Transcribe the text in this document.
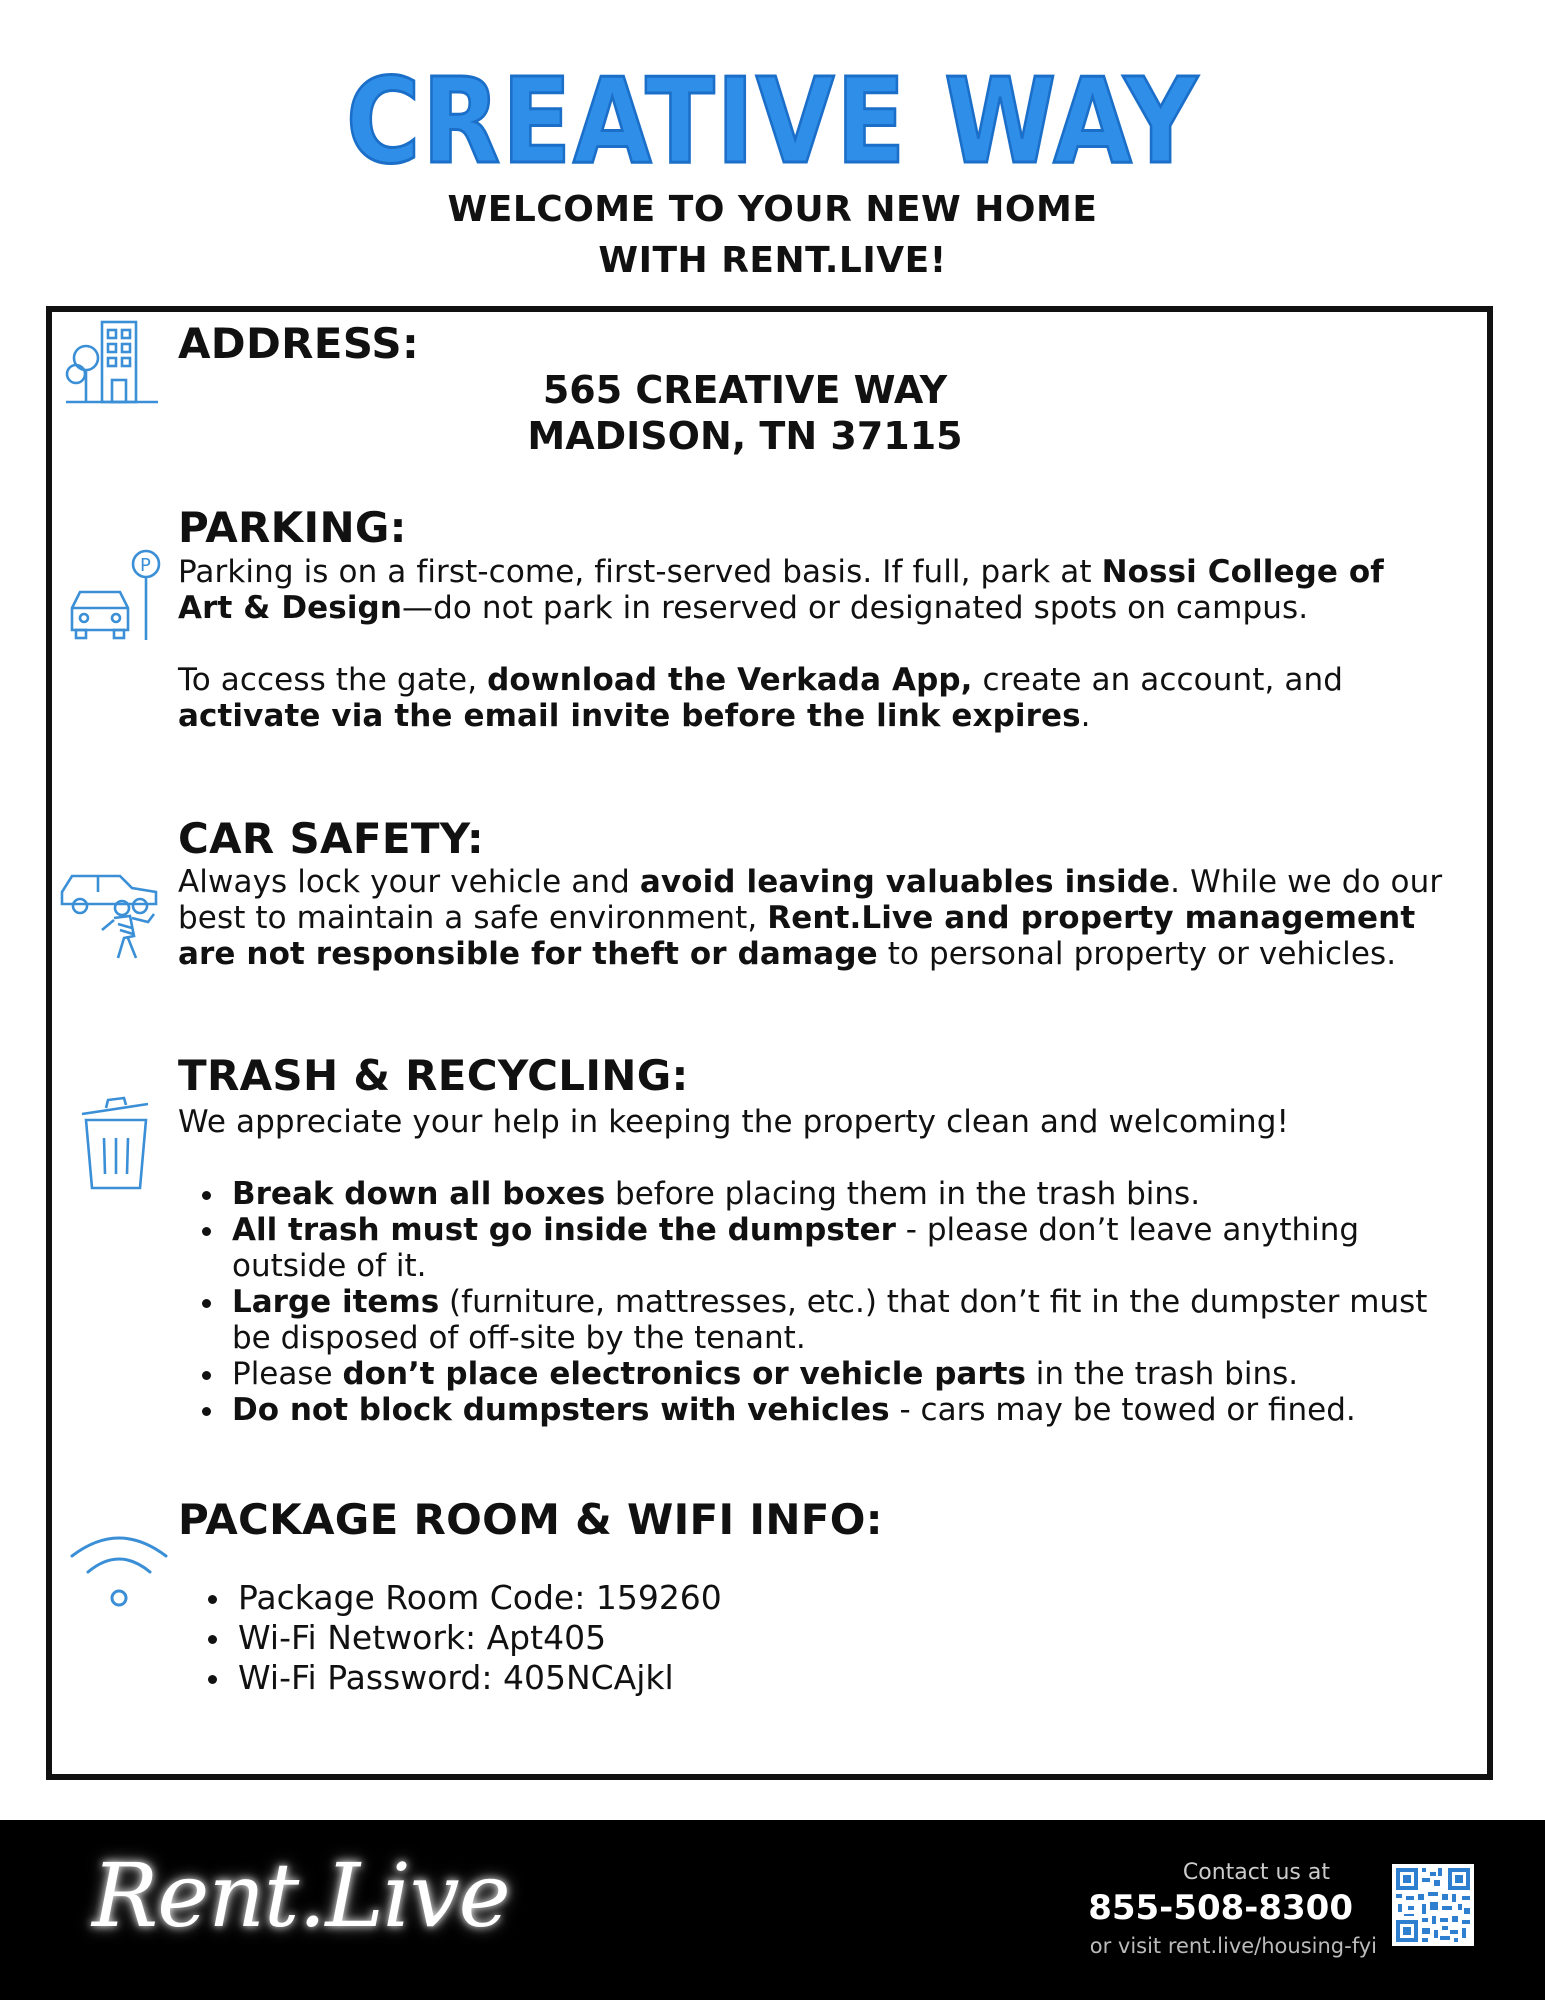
CREATIVE WAY
WELCOME TO YOUR NEW HOME
WITH RENT.LIVE!
ADDRESS:
565 CREATIVE WAY
MADISON, TN 37115
P
PARKING:
Parking is on a first-come, first-served basis. If full, park at Nossi College of Art & Design—do not park in reserved or designated spots on campus.
To access the gate, download the Verkada App, create an account, and activate via the email invite before the link expires.
CAR SAFETY:
Always lock your vehicle and avoid leaving valuables inside. While we do our best to maintain a safe environment, Rent.Live and property management are not responsible for theft or damage to personal property or vehicles.
TRASH & RECYCLING:
We appreciate your help in keeping the property clean and welcoming!
Break down all boxes before placing them in the trash bins.
All trash must go inside the dumpster - please don’t leave anything outside of it.
Large items (furniture, mattresses, etc.) that don’t fit in the dumpster must be disposed of off-site by the tenant.
Please don’t place electronics or vehicle parts in the trash bins.
Do not block dumpsters with vehicles - cars may be towed or fined.
PACKAGE ROOM & WIFI INFO:
Package Room Code: 159260
Wi-Fi Network: Apt405
Wi-Fi Password: 405NCAjkl
Rent.Live	Contact us at
855-508-8300
or visit rent.live/housing-fyi
